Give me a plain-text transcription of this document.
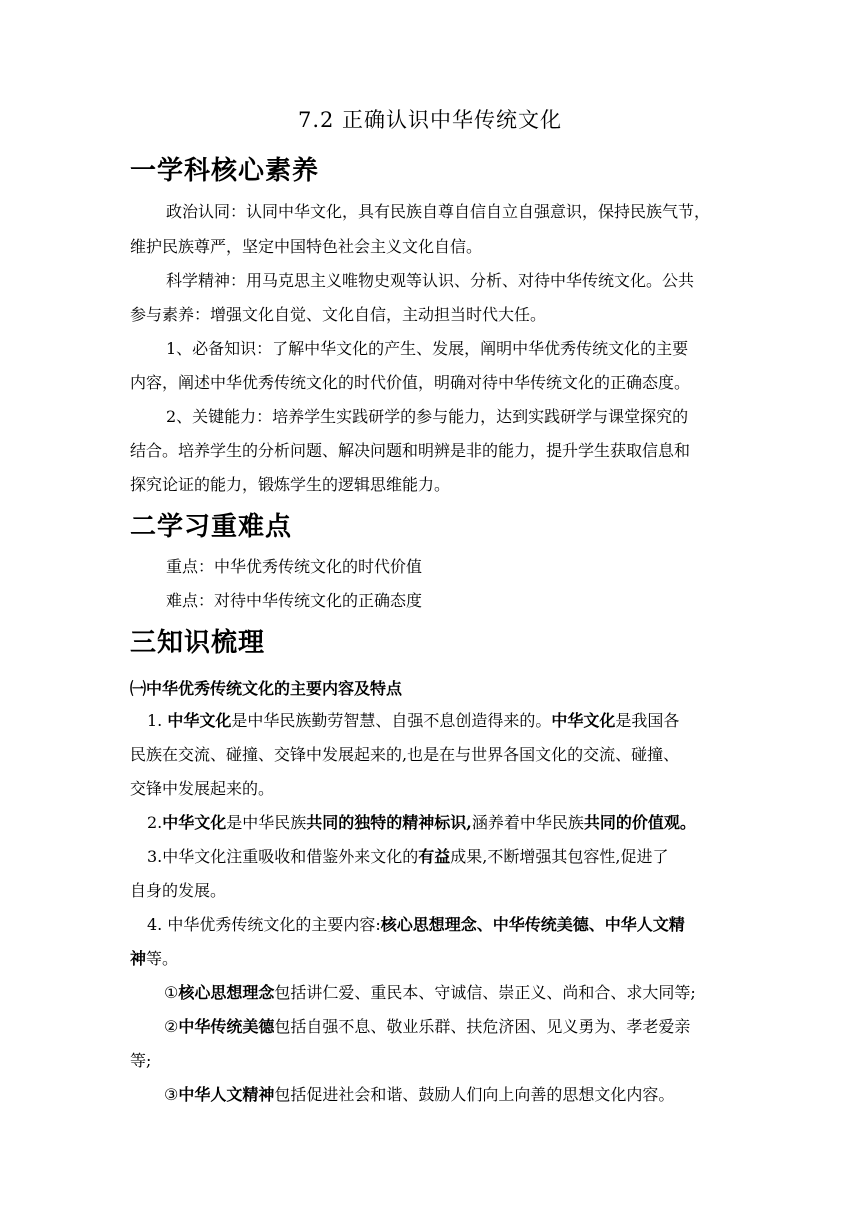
7.2 正确认识中华传统文化
一学科核心素养
政治认同：认同中华文化，具有民族自尊自信自立自强意识，保持民族气节，
维护民族尊严，坚定中国特色社会主义文化自信。
科学精神：用马克思主义唯物史观等认识、分析、对待中华传统文化。公共
参与素养：增强文化自觉、文化自信，主动担当时代大任。
1、必备知识：了解中华文化的产生、发展，阐明中华优秀传统文化的主要
内容，阐述中华优秀传统文化的时代价值，明确对待中华传统文化的正确态度。
2、关键能力：培养学生实践研学的参与能力，达到实践研学与课堂探究的
结合。培养学生的分析问题、解决问题和明辨是非的能力，提升学生获取信息和
探究论证的能力，锻炼学生的逻辑思维能力。
二学习重难点
重点：中华优秀传统文化的时代价值
难点：对待中华传统文化的正确态度
三知识梳理
㈠中华优秀传统文化的主要内容及特点
1. 中华文化是中华民族勤劳智慧、自强不息创造得来的。中华文化是我国各
民族在交流、碰撞、交锋中发展起来的,也是在与世界各国文化的交流、碰撞、
交锋中发展起来的。
2.中华文化是中华民族共同的独特的精神标识,涵养着中华民族共同的价值观。
3.中华文化注重吸收和借鉴外来文化的有益成果,不断增强其包容性,促进了
自身的发展。
4. 中华优秀传统文化的主要内容:核心思想理念、中华传统美德、中华人文精
神等。
①核心思想理念包括讲仁爱、重民本、守诚信、崇正义、尚和合、求大同等;
②中华传统美德包括自强不息、敬业乐群、扶危济困、见义勇为、孝老爱亲
等;
③中华人文精神包括促进社会和谐、鼓励人们向上向善的思想文化内容。
